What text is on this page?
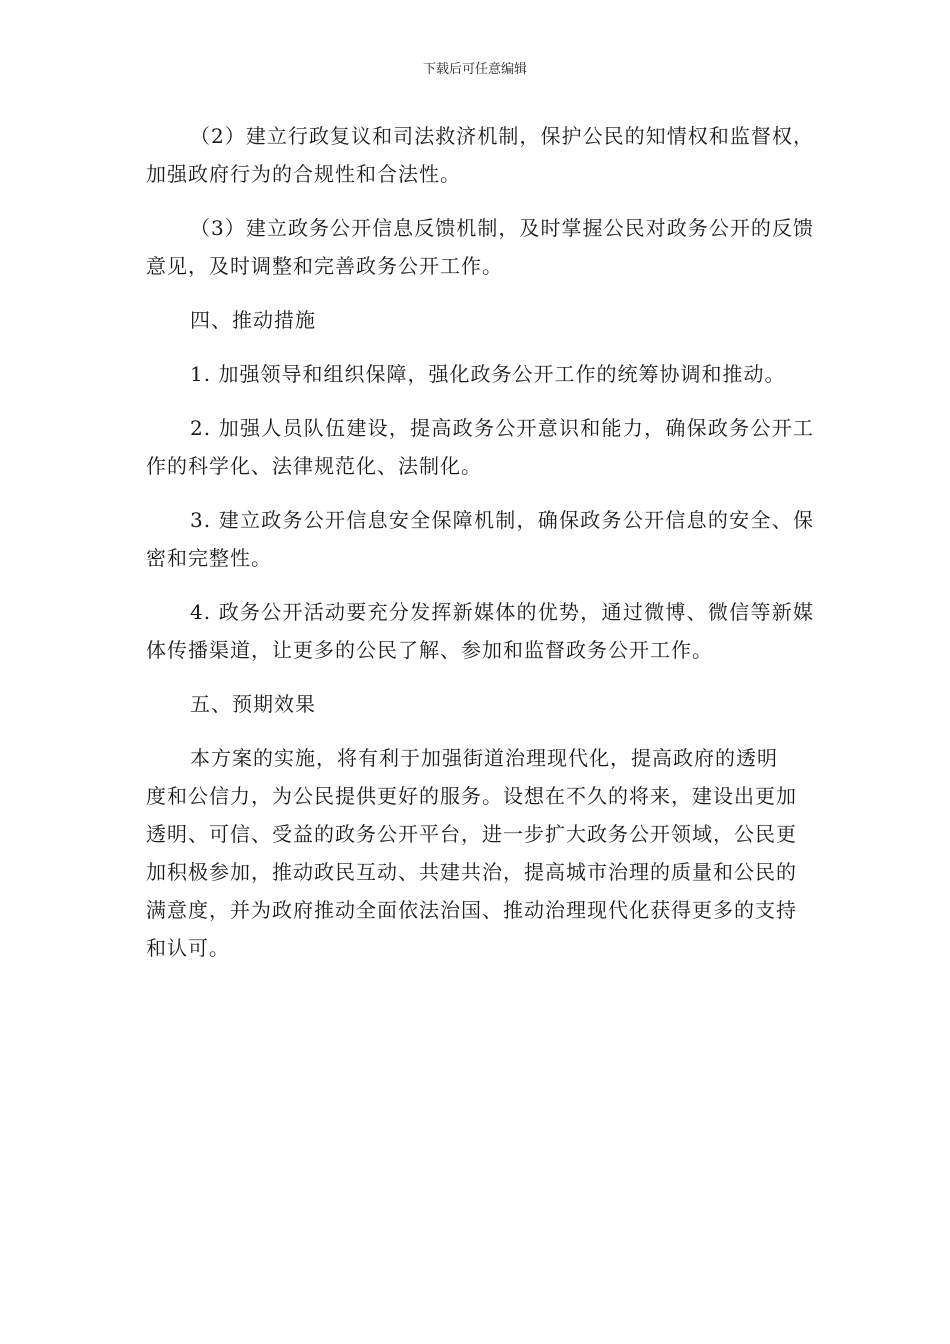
下载后可任意编辑

（2）建立行政复议和司法救济机制，保护公民的知情权和监督权，加强政府行为的合规性和合法性。

（3）建立政务公开信息反馈机制，及时掌握公民对政务公开的反馈意见，及时调整和完善政务公开工作。

四、推动措施

1. 加强领导和组织保障，强化政务公开工作的统筹协调和推动。

2. 加强人员队伍建设，提高政务公开意识和能力，确保政务公开工作的科学化、法律规范化、法制化。

3. 建立政务公开信息安全保障机制，确保政务公开信息的安全、保密和完整性。

4. 政务公开活动要充分发挥新媒体的优势，通过微博、微信等新媒体传播渠道，让更多的公民了解、参加和监督政务公开工作。

五、预期效果

本方案的实施，将有利于加强街道治理现代化，提高政府的透明度和公信力，为公民提供更好的服务。设想在不久的将来，建设出更加透明、可信、受益的政务公开平台，进一步扩大政务公开领域，公民更加积极参加，推动政民互动、共建共治，提高城市治理的质量和公民的满意度，并为政府推动全面依法治国、推动治理现代化获得更多的支持和认可。
